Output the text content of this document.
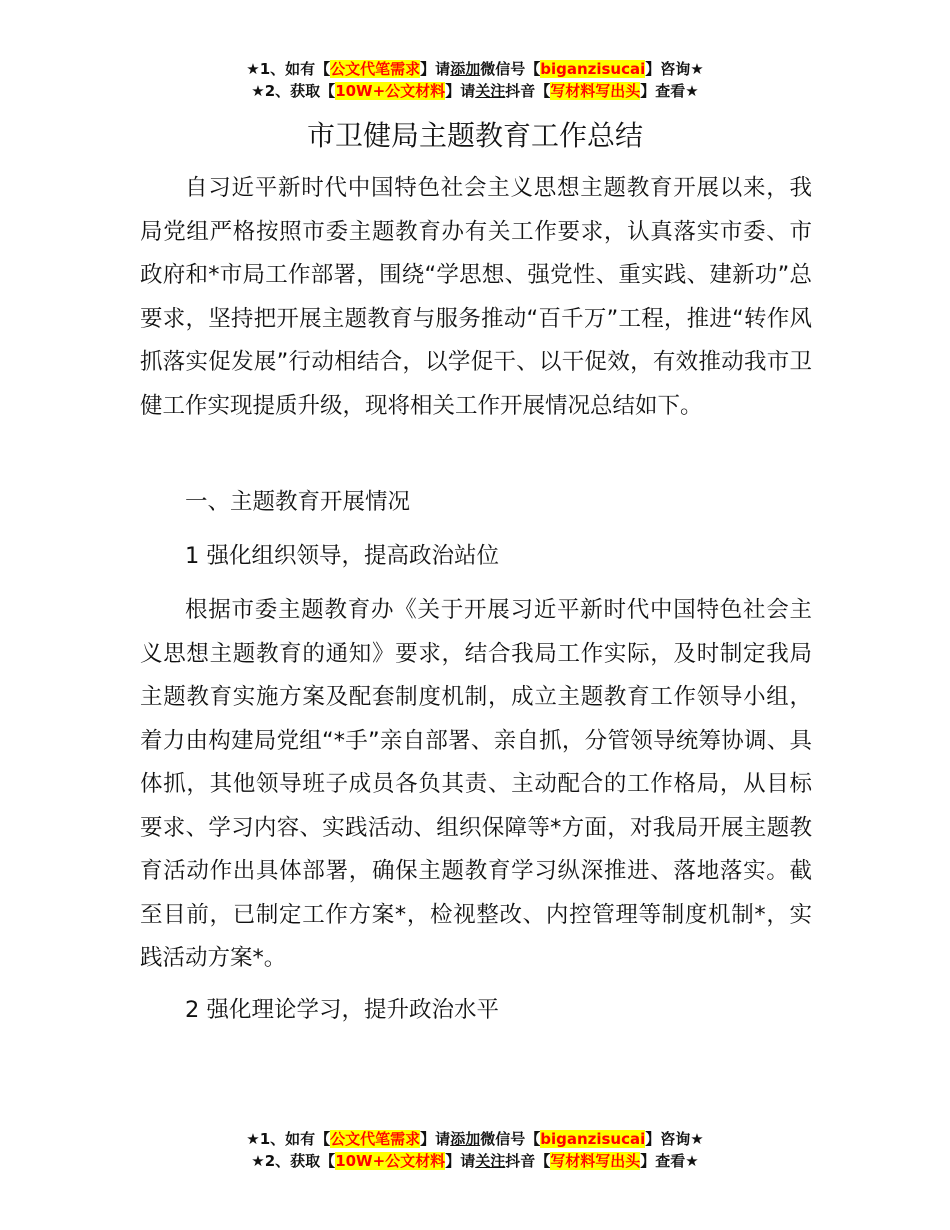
★1、如有【公文代笔需求】请添加微信号【biganzisucai】咨询★
★2、获取【10W+公文材料】请关注抖音【写材料写出头】查看★
市卫健局主题教育工作总结

自习近平新时代中国特色社会主义思想主题教育开展以来，我局党组严格按照市委主题教育办有关工作要求，认真落实市委、市政府和*市局工作部署，围绕“学思想、强党性、重实践、建新功”总要求，坚持把开展主题教育与服务推动“百千万”工程，推进“转作风抓落实促发展”行动相结合，以学促干、以干促效，有效推动我市卫健工作实现提质升级，现将相关工作开展情况总结如下。

一、主题教育开展情况

1 强化组织领导，提高政治站位

根据市委主题教育办《关于开展习近平新时代中国特色社会主义思想主题教育的通知》要求，结合我局工作实际，及时制定我局主题教育实施方案及配套制度机制，成立主题教育工作领导小组，着力由构建局党组“*手”亲自部署、亲自抓，分管领导统筹协调、具体抓，其他领导班子成员各负其责、主动配合的工作格局，从目标要求、学习内容、实践活动、组织保障等*方面，对我局开展主题教育活动作出具体部署，确保主题教育学习纵深推进、落地落实。截至目前，已制定工作方案*，检视整改、内控管理等制度机制*，实践活动方案*。

2 强化理论学习，提升政治水平

★1、如有【公文代笔需求】请添加微信号【biganzisucai】咨询★
★2、获取【10W+公文材料】请关注抖音【写材料写出头】查看★
